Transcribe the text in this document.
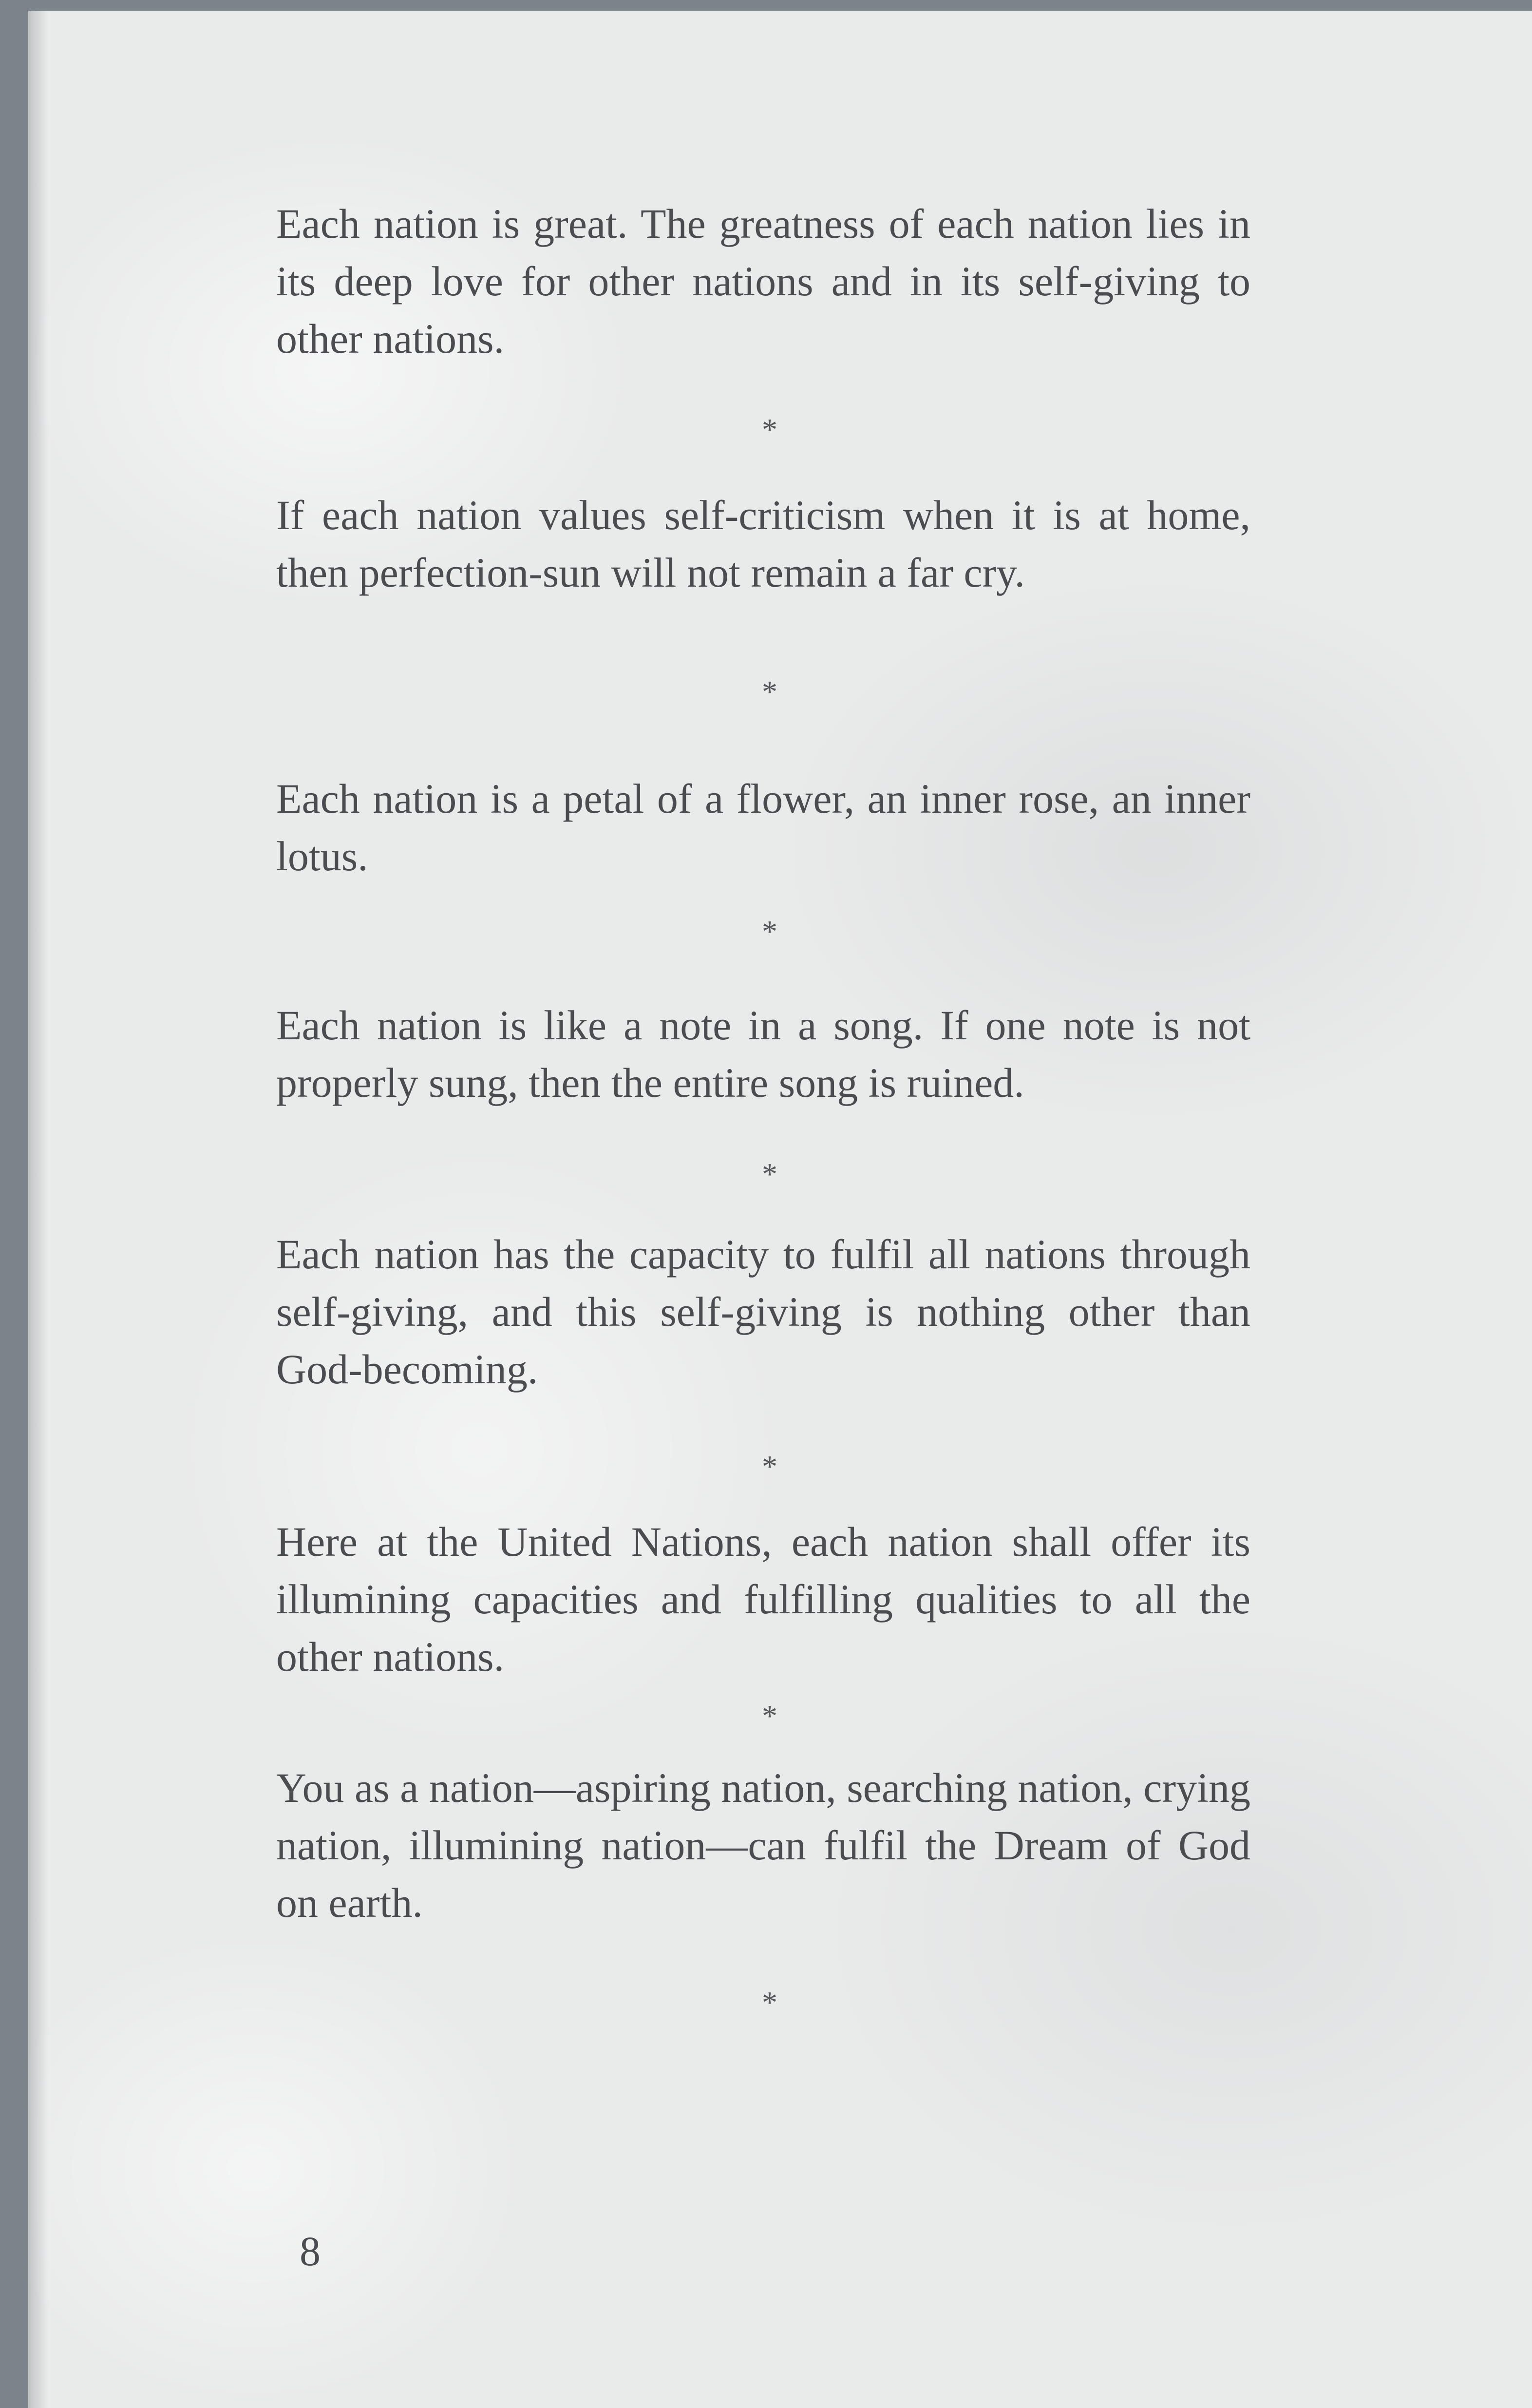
Each nation is great. The greatness of each nation lies in its deep love for other nations and in its self-giving to other nations.

*

If each nation values self-criticism when it is at home, then perfection-sun will not remain a far cry.

*

Each nation is a petal of a flower, an inner rose, an inner lotus.

*

Each nation is like a note in a song. If one note is not properly sung, then the entire song is ruined.

*

Each nation has the capacity to fulfil all nations through self-giving, and this self-giving is nothing other than God-becoming.

*

Here at the United Nations, each nation shall offer its illumining capacities and fulfilling qualities to all the other nations.

*

You as a nation—aspiring nation, searching nation, crying nation, illumining nation—can fulfil the Dream of God on earth.

*
8
